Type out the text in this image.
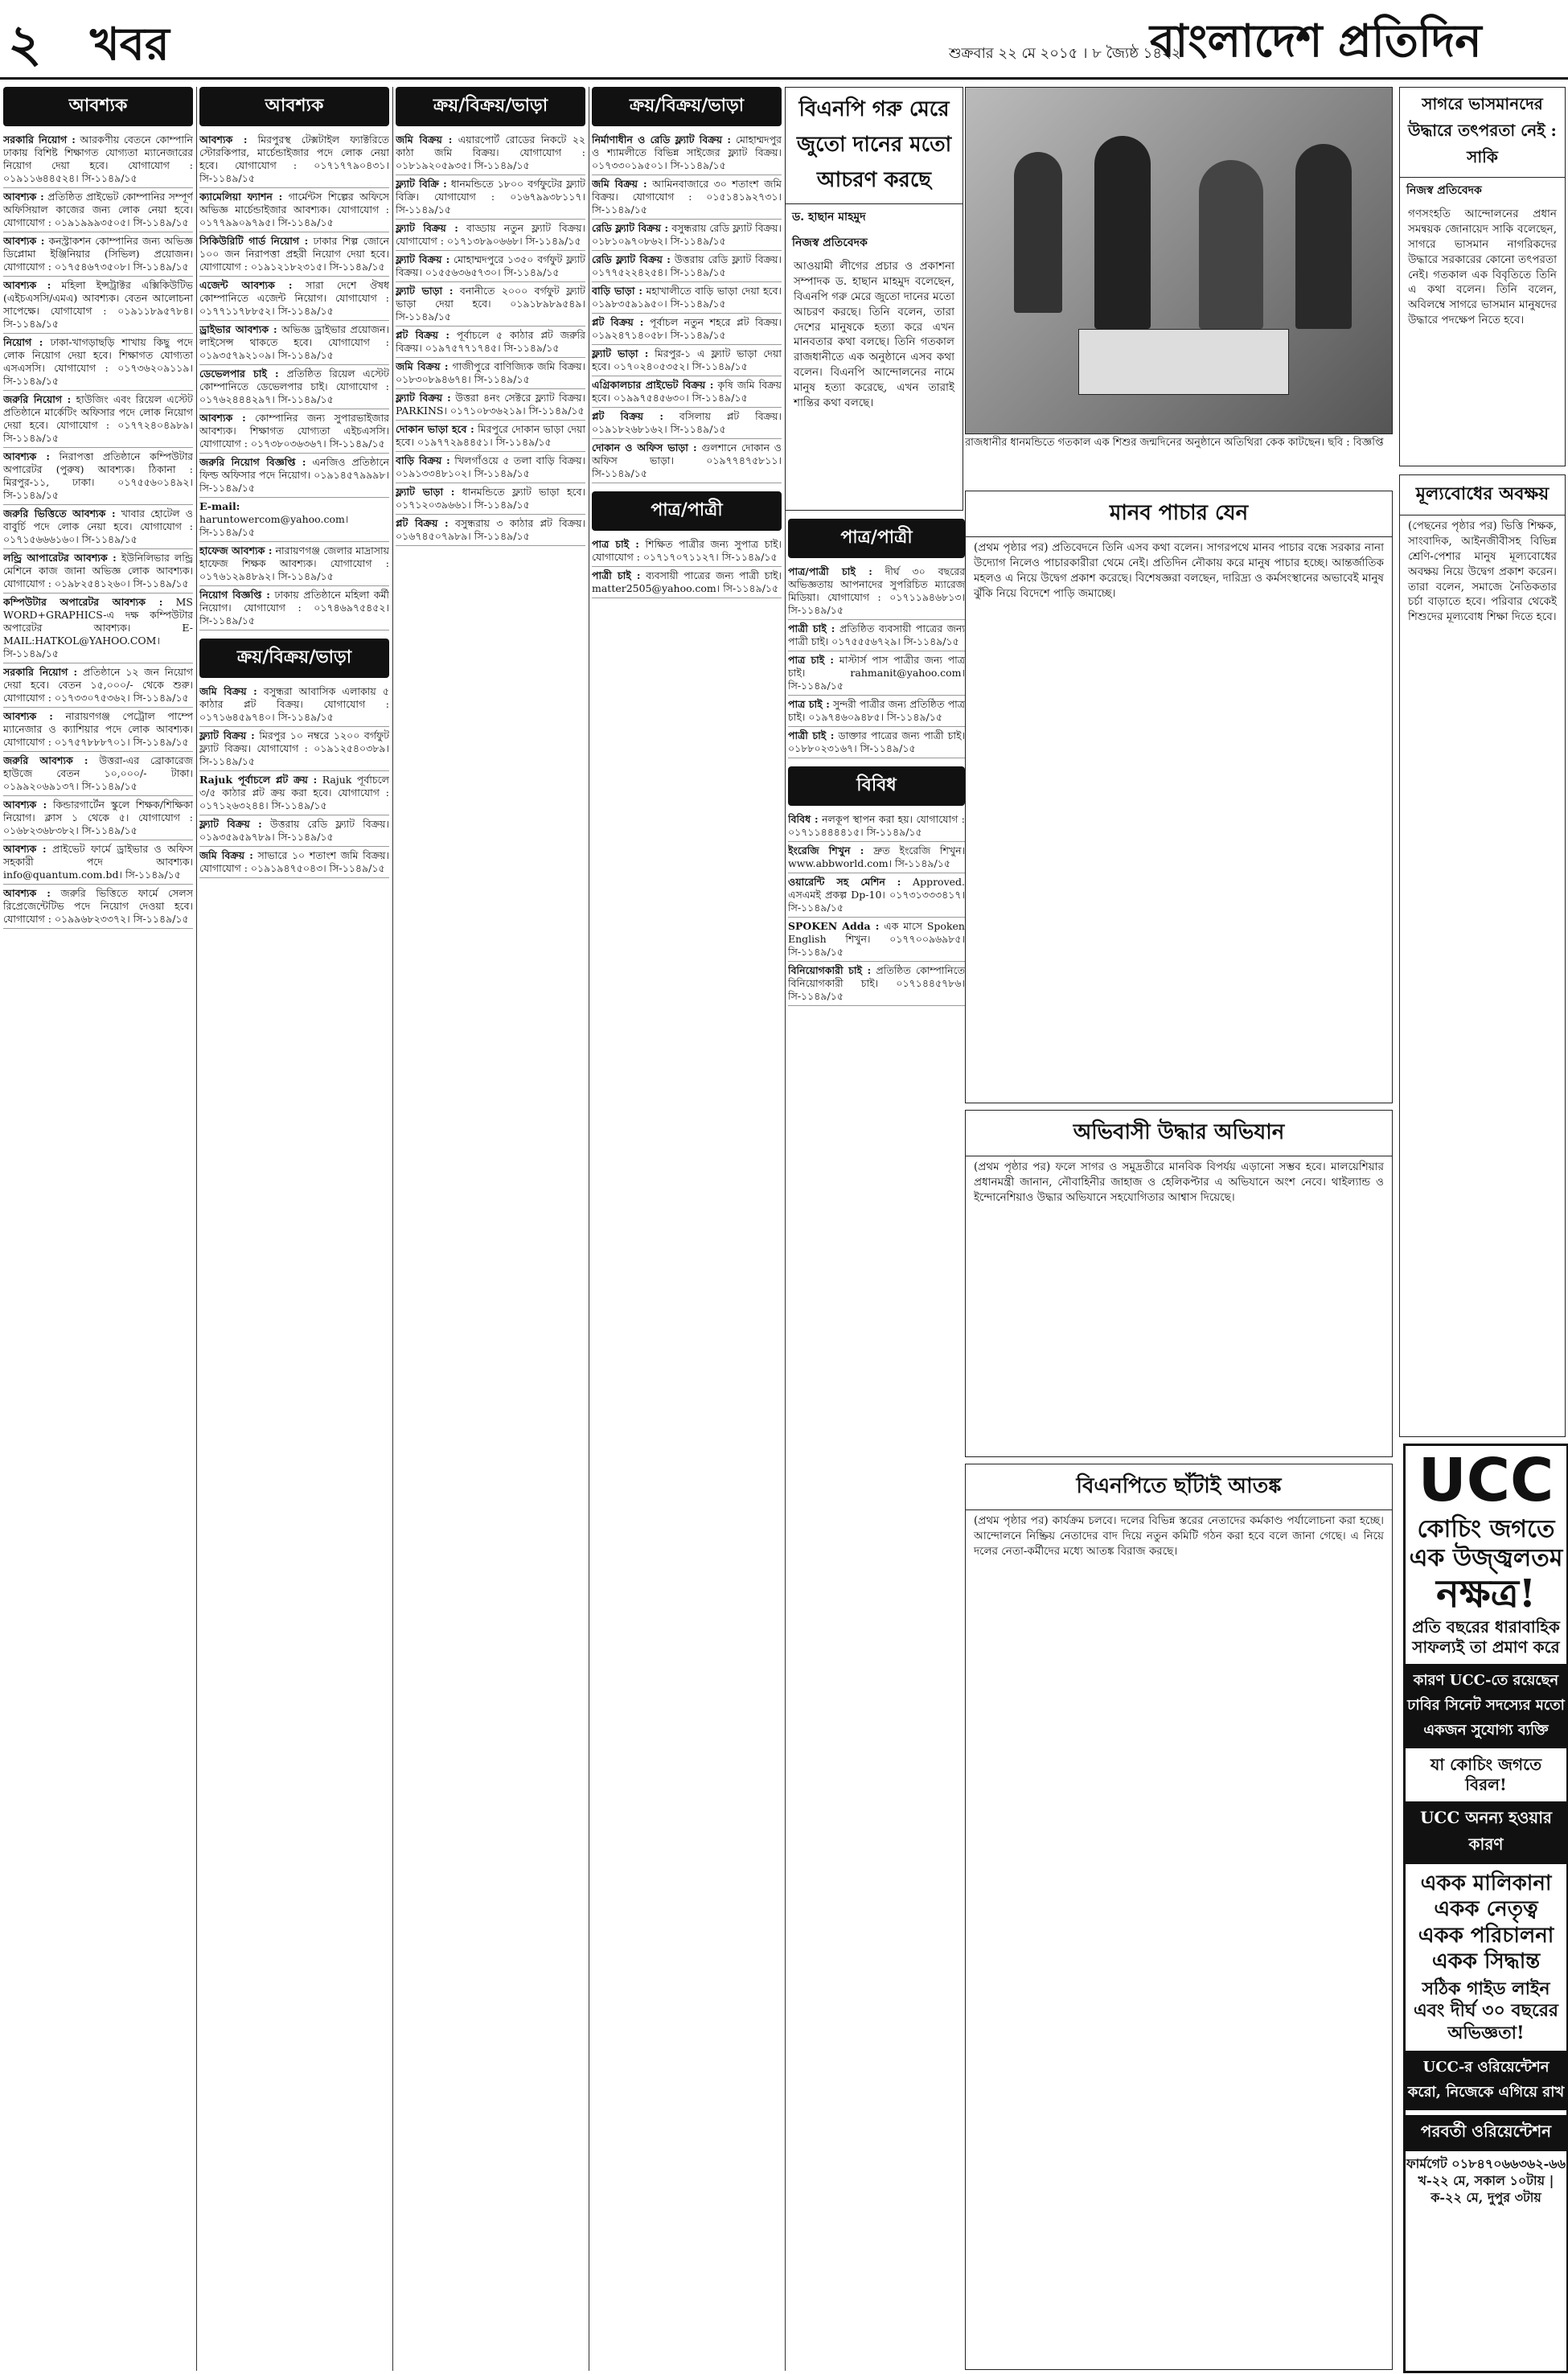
২ খবর	শুক্রবার ২২ মে ২০১৫ । ৮ জ্যৈষ্ঠ ১৪২২
বাংলাদেশ প্রতিদিন
আবশ্যক

সরকারি নিয়োগ : আরকণীয় বেতনে কোম্পানি ঢাকায় বিশিষ্ট শিক্ষাগত যোগ্যতা ম্যানেজারের নিয়োগ দেয়া হবে। যোগাযোগ : ০১৯১১৬৪৪৫২৪। সি-১১৪৯/১৫

আবশ্যক : প্রতিষ্ঠিত প্রাইভেট কোম্পানির সম্পূর্ণ অফিসিয়াল কাজের জন্য লোক নেয়া হবে। যোগাযোগ : ০১৯১৯৯৯৩৫০৫। সি-১১৪৯/১৫

আবশ্যক : কনস্ট্রাকশন কোম্পানির জন্য অভিজ্ঞ ডিপ্লোমা ইঞ্জিনিয়ার (সিভিল) প্রয়োজন। যোগাযোগ : ০১৭৫৪৬৭৩৫০৮। সি-১১৪৯/১৫

আবশ্যক : মহিলা ইন্সট্রাক্টর এক্সিকিউটিভ (এইচএসসি/এমএ) আবশ্যক। বেতন আলোচনা সাপেক্ষে। যোগাযোগ : ০১৯১১৮৯৫৭৮৪। সি-১১৪৯/১৫

নিয়োগ : ঢাকা-খাগড়াছড়ি শাখায় কিছু পদে লোক নিয়োগ দেয়া হবে। শিক্ষাগত যোগ্যতা এসএসসি। যোগাযোগ : ০১৭৩৬২০৯১১৯। সি-১১৪৯/১৫

জরুরি নিয়োগ : হাউজিং এবং রিয়েল এস্টেট প্রতিষ্ঠানে মার্কেটিং অফিসার পদে লোক নিয়োগ দেয়া হবে। যোগাযোগ : ০১৭৭২৪০৪৯৮৯। সি-১১৪৯/১৫

আবশ্যক : নিরাপত্তা প্রতিষ্ঠানে কম্পিউটার অপারেটর (পুরুষ) আবশ্যক। ঠিকানা : মিরপুর-১১, ঢাকা। ০১৭৫৫৬০১৪৯২। সি-১১৪৯/১৫

জরুরি ভিত্তিতে আবশ্যক : খাবার হোটেল ও বাবুর্চি পদে লোক নেয়া হবে। যোগাযোগ : ০১৭১৫৬৬৬১৬০। সি-১১৪৯/১৫

লন্ড্রি আপারেটর আবশ্যক : ইউনিলিভার লন্ড্রি মেশিনে কাজ জানা অভিজ্ঞ লোক আবশ্যক। যোগাযোগ : ০১৯৮২৫৪১২৬০। সি-১১৪৯/১৫

কম্পিউটার অপারেটর আবশ্যক : MS WORD+GRAPHICS-এ দক্ষ কম্পিউটার অপারেটর আবশ্যক। E-MAIL:HATKOL@YAHOO.COM। সি-১১৪৯/১৫

সরকারি নিয়োগ : প্রতিষ্ঠানে ১২ জন নিয়োগ দেয়া হবে। বেতন ১৫,০০০/- থেকে শুরু। যোগাযোগ : ০১৭৩৩০৭৫৩৬২। সি-১১৪৯/১৫

আবশ্যক : নারায়ণগঞ্জ পেট্রোল পাম্পে ম্যানেজার ও ক্যাশিয়ার পদে লোক আবশ্যক। যোগাযোগ : ০১৭৫৭৮৮৮৭০১। সি-১১৪৯/১৫

জরুরি আবশ্যক : উত্তরা-এর ব্রোকারেজ হাউজে বেতন ১০,০০০/- টাকা। ০১৯৯২০৬৯১৩৭। সি-১১৪৯/১৫

আবশ্যক : কিন্ডারগার্টেন স্কুলে শিক্ষক/শিক্ষিকা নিয়োগ। ক্লাস ১ থেকে ৫। যোগাযোগ : ০১৬৮২৩৬৮৩৮২। সি-১১৪৯/১৫

আবশ্যক : প্রাইভেট ফার্মে ড্রাইভার ও অফিস সহকারী পদে আবশ্যক। info@quantum.com.bd। সি-১১৪৯/১৫

আবশ্যক : জরুরি ভিত্তিতে ফার্মে সেলস রিপ্রেজেন্টেটিভ পদে নিয়োগ দেওয়া হবে। যোগাযোগ : ০১৯৯৬৮২৩৩৭২। সি-১১৪৯/১৫

আবশ্যক

আবশ্যক : মিরপুরস্থ টেক্সটাইল ফ্যাক্টরিতে স্টোরকিপার, মার্চেন্ডাইজার পদে লোক নেয়া হবে। যোগাযোগ : ০১৭১৭৭৯০৪৩১। সি-১১৪৯/১৫

ক্যামেলিয়া ফ্যাশন : গার্মেন্টস শিল্পের অফিসে অভিজ্ঞ মার্চেন্ডাইজার আবশ্যক। যোগাযোগ : ০১৭৭৯৯০৯৭৯৫। সি-১১৪৯/১৫

সিকিউরিটি গার্ড নিয়োগ : ঢাকার শিল্প জোনে ১০০ জন নিরাপত্তা প্রহরী নিয়োগ দেয়া হবে। যোগাযোগ : ০১৯১২১৮২৩১৫। সি-১১৪৯/১৫

এজেন্ট আবশ্যক : সারা দেশে ঔষধ কোম্পানিতে এজেন্ট নিয়োগ। যোগাযোগ : ০১৭৭১১৭৮৮৫২। সি-১১৪৯/১৫

ড্রাইভার আবশ্যক : অভিজ্ঞ ড্রাইভার প্রয়োজন। লাইসেন্স থাকতে হবে। যোগাযোগ : ০১৯৩৫৭৯২১০৯। সি-১১৪৯/১৫

ডেভেলপার চাই : প্রতিষ্ঠিত রিয়েল এস্টেট কোম্পানিতে ডেভেলপার চাই। যোগাযোগ : ০১৭৬২৪৪৪২৯৭। সি-১১৪৯/১৫

আবশ্যক : কোম্পানির জন্য সুপারভাইজার আবশ্যক। শিক্ষাগত যোগ্যতা এইচএসসি। যোগাযোগ : ০১৭৩৮০৩৬৩৬৭। সি-১১৪৯/১৫

জরুরি নিয়োগ বিজ্ঞপ্তি : এনজিও প্রতিষ্ঠানে ফিল্ড অফিসার পদে নিয়োগ। ০১৯১৪৫৭৯৯৯৮। সি-১১৪৯/১৫

E-mail: haruntowercom@yahoo.com। সি-১১৪৯/১৫

হাফেজ আবশ্যক : নারায়ণগঞ্জ জেলার মাদ্রাসায় হাফেজ শিক্ষক আবশ্যক। যোগাযোগ : ০১৭৬১২৯৪৮৯২। সি-১১৪৯/১৫

নিয়োগ বিজ্ঞপ্তি : ঢাকায় প্রতিষ্ঠানে মহিলা কর্মী নিয়োগ। যোগাযোগ : ০১৭৪৬৯৭৫৪৫২। সি-১১৪৯/১৫

ক্রয়/বিক্রয়/ভাড়া

জমি বিক্রয় : বসুন্ধরা আবাসিক এলাকায় ৫ কাঠার প্লট বিক্রয়। যোগাযোগ : ০১৭১৬৪৫৯৭৪০। সি-১১৪৯/১৫

ফ্ল্যাট বিক্রয় : মিরপুর ১০ নম্বরে ১২০০ বর্গফুট ফ্ল্যাট বিক্রয়। যোগাযোগ : ০১৯১২৫৪০৩৮৯। সি-১১৪৯/১৫

Rajuk পূর্বাচলে প্লট ক্রয় : Rajuk পূর্বাচলে ৩/৫ কাঠার প্লট ক্রয় করা হবে। যোগাযোগ : ০১৭১২৬৩২৪৪। সি-১১৪৯/১৫

ফ্ল্যাট বিক্রয় : উত্তরায় রেডি ফ্ল্যাট বিক্রয়। ০১৯৩৫৯৫৯৭৮৯। সি-১১৪৯/১৫

জমি বিক্রয় : সাভারে ১০ শতাংশ জমি বিক্রয়। যোগাযোগ : ০১৯১৯৪৭৫০৪৩। সি-১১৪৯/১৫

ক্রয়/বিক্রয়/ভাড়া

জমি বিক্রয় : এয়ারপোর্ট রোডের নিকটে ২২ কাঠা জমি বিক্রয়। যোগাযোগ : ০১৮১৯২০৫৯৩৫। সি-১১৪৯/১৫

ফ্ল্যাট বিক্রি : ধানমন্ডিতে ১৮০০ বর্গফুটের ফ্ল্যাট বিক্রি। যোগাযোগ : ০১৬৭৯৯৩৮১১৭। সি-১১৪৯/১৫

ফ্ল্যাট বিক্রয় : বাড্ডায় নতুন ফ্ল্যাট বিক্রয়। যোগাযোগ : ০১৭১৩৮৯০৬৬৮। সি-১১৪৯/১৫

ফ্ল্যাট বিক্রয় : মোহাম্মদপুরে ১৩৫০ বর্গফুট ফ্ল্যাট বিক্রয়। ০১৫৫৬৩৬৫৭৩০। সি-১১৪৯/১৫

ফ্ল্যাট ভাড়া : বনানীতে ২০০০ বর্গফুট ফ্ল্যাট ভাড়া দেয়া হবে। ০১৯১৮৯৮৯৫৪৯। সি-১১৪৯/১৫

প্লট বিক্রয় : পূর্বাচলে ৫ কাঠার প্লট জরুরি বিক্রয়। ০১৯৭৫৭৭১৭৪৫। সি-১১৪৯/১৫

জমি বিক্রয় : গাজীপুরে বাণিজ্যিক জমি বিক্রয়। ০১৮৩০৮৯৪৬৭৪। সি-১১৪৯/১৫

ফ্ল্যাট বিক্রয় : উত্তরা ৪নং সেক্টরে ফ্ল্যাট বিক্রয়। PARKINS। ০১৭১০৮৩৬২১৯। সি-১১৪৯/১৫

দোকান ভাড়া হবে : মিরপুরে দোকান ভাড়া দেয়া হবে। ০১৯৭৭২৯৪৪৫১। সি-১১৪৯/১৫

বাড়ি বিক্রয় : খিলগাঁওয়ে ৫ তলা বাড়ি বিক্রয়। ০১৯১৩৩৪৮১০২। সি-১১৪৯/১৫

ফ্ল্যাট ভাড়া : ধানমন্ডিতে ফ্ল্যাট ভাড়া হবে। ০১৭১২০৩৯৬৬১। সি-১১৪৯/১৫

প্লট বিক্রয় : বসুন্ধরায় ৩ কাঠার প্লট বিক্রয়। ০১৬৭৪৫০৭৯৮৯। সি-১১৪৯/১৫

ক্রয়/বিক্রয়/ভাড়া

নির্মাণাধীন ও রেডি ফ্ল্যাট বিক্রয় : মোহাম্মদপুর ও শ্যামলীতে বিভিন্ন সাইজের ফ্ল্যাট বিক্রয়। ০১৭৩৩০১৯৫০১। সি-১১৪৯/১৫

জমি বিক্রয় : আমিনবাজারে ৩০ শতাংশ জমি বিক্রয়। যোগাযোগ : ০১৫১৪১৯২৭৩১। সি-১১৪৯/১৫

রেডি ফ্ল্যাট বিক্রয় : বসুন্ধরায় রেডি ফ্ল্যাট বিক্রয়। ০১৮১০৯৭০৮৬২। সি-১১৪৯/১৫

রেডি ফ্ল্যাট বিক্রয় : উত্তরায় রেডি ফ্ল্যাট বিক্রয়। ০১৭৭৫২২৪২৫৪। সি-১১৪৯/১৫

বাড়ি ভাড়া : মহাখালীতে বাড়ি ভাড়া দেয়া হবে। ০১৯৮৩৫৯১৯৫০। সি-১১৪৯/১৫

প্লট বিক্রয় : পূর্বাচল নতুন শহরে প্লট বিক্রয়। ০১৯২৪৭১৪০৫৮। সি-১১৪৯/১৫

ফ্ল্যাট ভাড়া : মিরপুর-১ এ ফ্ল্যাট ভাড়া দেয়া হবে। ০১৭০২৪০৫৩৫২। সি-১১৪৯/১৫

এগ্রিকালচার প্রাইভেট বিক্রয় : কৃষি জমি বিক্রয় হবে। ০১৯৯৭৫৪৫৬৩০। সি-১১৪৯/১৫

প্লট বিক্রয় : বসিলায় প্লট বিক্রয়। ০১৯১৮২৬৮১৬২। সি-১১৪৯/১৫

দোকান ও অফিস ভাড়া : গুলশানে দোকান ও অফিস ভাড়া। ০১৯৭৭৪৭৫৮১১। সি-১১৪৯/১৫

পাত্র/পাত্রী

পাত্র চাই : শিক্ষিত পাত্রীর জন্য সুপাত্র চাই। যোগাযোগ : ০১৭১৭০৭১১২৭। সি-১১৪৯/১৫

পাত্রী চাই : ব্যবসায়ী পাত্রের জন্য পাত্রী চাই। matter2505@yahoo.com। সি-১১৪৯/১৫

পাত্র/পাত্রী

পাত্র/পাত্রী চাই : দীর্ঘ ৩০ বছরের অভিজ্ঞতায় আপনাদের সুপরিচিত ম্যারেজ মিডিয়া। যোগাযোগ : ০১৭১১৯৪৬৮১৩। সি-১১৪৯/১৫

পাত্রী চাই : প্রতিষ্ঠিত ব্যবসায়ী পাত্রের জন্য পাত্রী চাই। ০১৭৫৫৫৬৭২৯। সি-১১৪৯/১৫

পাত্র চাই : মাস্টার্স পাস পাত্রীর জন্য পাত্র চাই। rahmanit@yahoo.com। সি-১১৪৯/১৫

পাত্র চাই : সুন্দরী পাত্রীর জন্য প্রতিষ্ঠিত পাত্র চাই। ০১৯৭৪৬০৯৪৮৫। সি-১১৪৯/১৫

পাত্রী চাই : ডাক্তার পাত্রের জন্য পাত্রী চাই। ০১৮৮০২৩১৬৭। সি-১১৪৯/১৫

বিবিধ

বিবিধ : নলকূপ স্থাপন করা হয়। যোগাযোগ : ০১৭১১৪৪৪৪১৫। সি-১১৪৯/১৫

ইংরেজি শিখুন : দ্রুত ইংরেজি শিখুন। www.abbworld.com। সি-১১৪৯/১৫

ওয়ারেন্টি সহ মেশিন : Approved. এসএমই প্রকল্প Dp-10। ০১৭৩১৩৩৩৪১৭। সি-১১৪৯/১৫

SPOKEN Adda : এক মাসে Spoken English শিখুন। ০১৭৭০০৯৬৯৮৫। সি-১১৪৯/১৫

বিনিয়োগকারী চাই : প্রতিষ্ঠিত কোম্পানিতে বিনিয়োগকারী চাই। ০১৭১৪৪৫৭৮৬। সি-১১৪৯/১৫

বিএনপি গরু মেরে জুতো দানের মতো আচরণ করছে
ড. হাছান মাহমুদ
নিজস্ব প্রতিবেদক
আওয়ামী লীগের প্রচার ও প্রকাশনা সম্পাদক ড. হাছান মাহমুদ বলেছেন, বিএনপি গরু মেরে জুতো দানের মতো আচরণ করছে। তিনি বলেন, তারা দেশের মানুষকে হত্যা করে এখন মানবতার কথা বলছে। তিনি গতকাল রাজধানীতে এক অনুষ্ঠানে এসব কথা বলেন। বিএনপি আন্দোলনের নামে মানুষ হত্যা করেছে, এখন তারাই শান্তির কথা বলছে।
রাজধানীর ধানমন্ডিতে গতকাল এক শিশুর জন্মদিনের অনুষ্ঠানে অতিথিরা কেক কাটছেন। ছবি : বিজ্ঞপ্তি
সাগরে ভাসমানদের উদ্ধারে তৎপরতা নেই : সাকি
নিজস্ব প্রতিবেদক
গণসংহতি আন্দোলনের প্রধান সমন্বয়ক জোনায়েদ সাকি বলেছেন, সাগরে ভাসমান নাগরিকদের উদ্ধারে সরকারের কোনো তৎপরতা নেই। গতকাল এক বিবৃতিতে তিনি এ কথা বলেন। তিনি বলেন, অবিলম্বে সাগরে ভাসমান মানুষদের উদ্ধারে পদক্ষেপ নিতে হবে।
মূল্যবোধের অবক্ষয়
(পেছনের পৃষ্ঠার পর) ভিত্তি শিক্ষক, সাংবাদিক, আইনজীবীসহ বিভিন্ন শ্রেণি-পেশার মানুষ মূল্যবোধের অবক্ষয় নিয়ে উদ্বেগ প্রকাশ করেন। তারা বলেন, সমাজে নৈতিকতার চর্চা বাড়াতে হবে। পরিবার থেকেই শিশুদের মূল্যবোধ শিক্ষা দিতে হবে।
মানব পাচার যেন
(প্রথম পৃষ্ঠার পর) প্রতিবেদনে তিনি এসব কথা বলেন। সাগরপথে মানব পাচার বন্ধে সরকার নানা উদ্যোগ নিলেও পাচারকারীরা থেমে নেই। প্রতিদিন নৌকায় করে মানুষ পাচার হচ্ছে। আন্তর্জাতিক মহলও এ নিয়ে উদ্বেগ প্রকাশ করেছে। বিশেষজ্ঞরা বলছেন, দারিদ্র্য ও কর্মসংস্থানের অভাবেই মানুষ ঝুঁকি নিয়ে বিদেশে পাড়ি জমাচ্ছে।
অভিবাসী উদ্ধার অভিযান
(প্রথম পৃষ্ঠার পর) ফলে সাগর ও সমুদ্রতীরে মানবিক বিপর্যয় এড়ানো সম্ভব হবে। মালয়েশিয়ার প্রধানমন্ত্রী জানান, নৌবাহিনীর জাহাজ ও হেলিকপ্টার এ অভিযানে অংশ নেবে। থাইল্যান্ড ও ইন্দোনেশিয়াও উদ্ধার অভিযানে সহযোগিতার আশ্বাস দিয়েছে।
বিএনপিতে ছাঁটাই আতঙ্ক
(প্রথম পৃষ্ঠার পর) কার্যক্রম চলবে। দলের বিভিন্ন স্তরের নেতাদের কর্মকাণ্ড পর্যালোচনা করা হচ্ছে। আন্দোলনে নিষ্ক্রিয় নেতাদের বাদ দিয়ে নতুন কমিটি গঠন করা হবে বলে জানা গেছে। এ নিয়ে দলের নেতা-কর্মীদের মধ্যে আতঙ্ক বিরাজ করছে।
UCC
কোচিং জগতে
এক উজ্জ্বলতম
নক্ষত্র!
প্রতি বছরের ধারাবাহিক সাফল্যই তা প্রমাণ করে
কারণ UCC-তে রয়েছেন ঢাবির সিনেট সদস্যের মতো একজন সুযোগ্য ব্যক্তি
যা কোচিং জগতে বিরল!
UCC অনন্য হওয়ার কারণ
একক মালিকানা একক নেতৃত্ব একক পরিচালনা একক সিদ্ধান্ত
সঠিক গাইড লাইন এবং দীর্ঘ ৩০ বছরের অভিজ্ঞতা!
UCC-র ওরিয়েন্টেশন করো, নিজেকে এগিয়ে রাখ
পরবর্তী ওরিয়েন্টেশন
ফার্মগেট ০১৮৪৭০৬৬৩৬২-৬৬
খ-২২ মে, সকাল ১০টায় | ক-২২ মে, দুপুর ৩টায়
